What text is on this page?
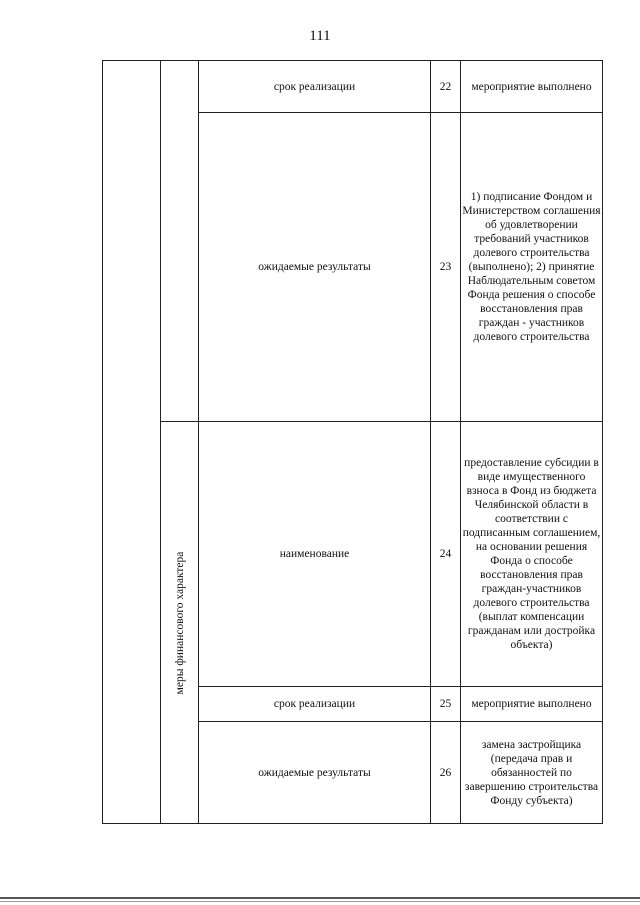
111
		срок реализации	22	мероприятие выполнено
		ожидаемые результаты	23	1) подписание Фондом и Министерством соглашения об удовлетворении требований участников долевого строительства (выполнено); 2) принятие Наблюдательным советом Фонда решения о способе восстановления прав граждан - участников долевого строительства

	меры финансового характера	наименование	24	предоставление субсидии в виде имущественного взноса в Фонд из бюджета Челябинской области в соответствии с подписанным соглашением, на основании решения Фонда о способе восстановления прав граждан-участников долевого строительства (выплат компенсации гражданам или достройка объекта)
		срок реализации	25	мероприятие выполнено
		ожидаемые результаты	26	замена застройщика (передача прав и обязанностей по завершению строительства Фонду субъекта)
